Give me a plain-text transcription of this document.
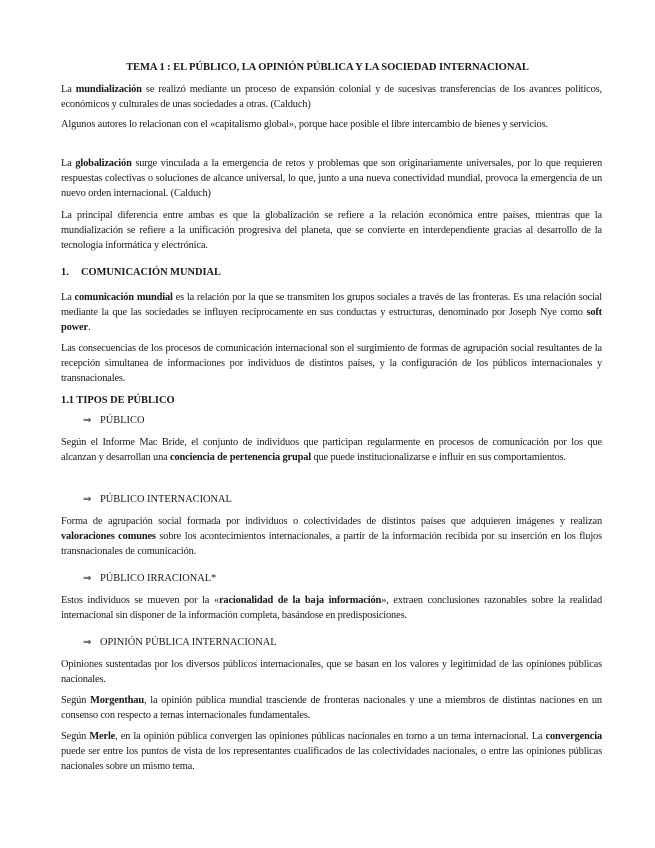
TEMA 1 : EL PÚBLICO, LA OPINIÓN PÚBLICA Y LA SOCIEDAD INTERNACIONAL
La mundialización se realizó mediante un proceso de expansión colonial y de sucesivas transferencias de los avances políticos, económicos y culturales de unas sociedades a otras. (Calduch)
Algunos autores lo relacionan con el «capitalismo global», porque hace posible el libre intercambio de bienes y servicios.
La globalización surge vinculada a la emergencia de retos y problemas que son originariamente universales, por lo que requieren respuestas colectivas o soluciones de alcance universal, lo que, junto a una nueva conectividad mundial, provoca la emergencia de un nuevo orden internacional. (Calduch)
La principal diferencia entre ambas es que la globalización se refiere a la relación económica entre países, mientras que la mundialización se refiere a la unificación progresiva del planeta, que se convierte en interdependiente gracias al desarrollo de la tecnología informática y electrónica.
1. COMUNICACIÓN MUNDIAL
La comunicación mundial es la relación por la que se transmiten los grupos sociales a través de las fronteras. Es una relación social mediante la que las sociedades se influyen recíprocamente en sus conductas y estructuras, denominado por Joseph Nye como soft power.
Las consecuencias de los procesos de comunicación internacional son el surgimiento de formas de agrupación social resultantes de la recepción simultanea de informaciones por individuos de distintos países, y la configuración de los públicos internacionales y transnacionales.
1.1 TIPOS DE PÚBLICO
⇒ PÚBLICO
Según el Informe Mac Bride, el conjunto de individuos que participan regularmente en procesos de comunicación por los que alcanzan y desarrollan una conciencia de pertenencia grupal que puede institucionalizarse e influir en sus comportamientos.
⇒ PÚBLICO INTERNACIONAL
Forma de agrupación social formada por individuos o colectividades de distintos países que adquieren imágenes y realizan valoraciones comunes sobre los acontecimientos internacionales, a partir de la información recibida por su inserción en los flujos transnacionales de comunicación.
⇒ PÚBLICO IRRACIONAL*
Estos individuos se mueven por la «racionalidad de la baja información», extraen conclusiones razonables sobre la realidad internacional sin disponer de la información completa, basándose en predisposiciones.
⇒ OPINIÓN PÚBLICA INTERNACIONAL
Opiniones sustentadas por los diversos públicos internacionales, que se basan en los valores y legitimidad de las opiniones públicas nacionales.
Según Morgenthau, la opinión pública mundial trasciende de fronteras nacionales y une a miembros de distintas naciones en un consenso con respecto a temas internacionales fundamentales.
Según Merle, en la opinión pública convergen las opiniones públicas nacionales en torno a un tema internacional. La convergencia puede ser entre los puntos de vista de los representantes cualificados de las colectividades nacionales, o entre las opiniones públicas nacionales sobre un mismo tema.
